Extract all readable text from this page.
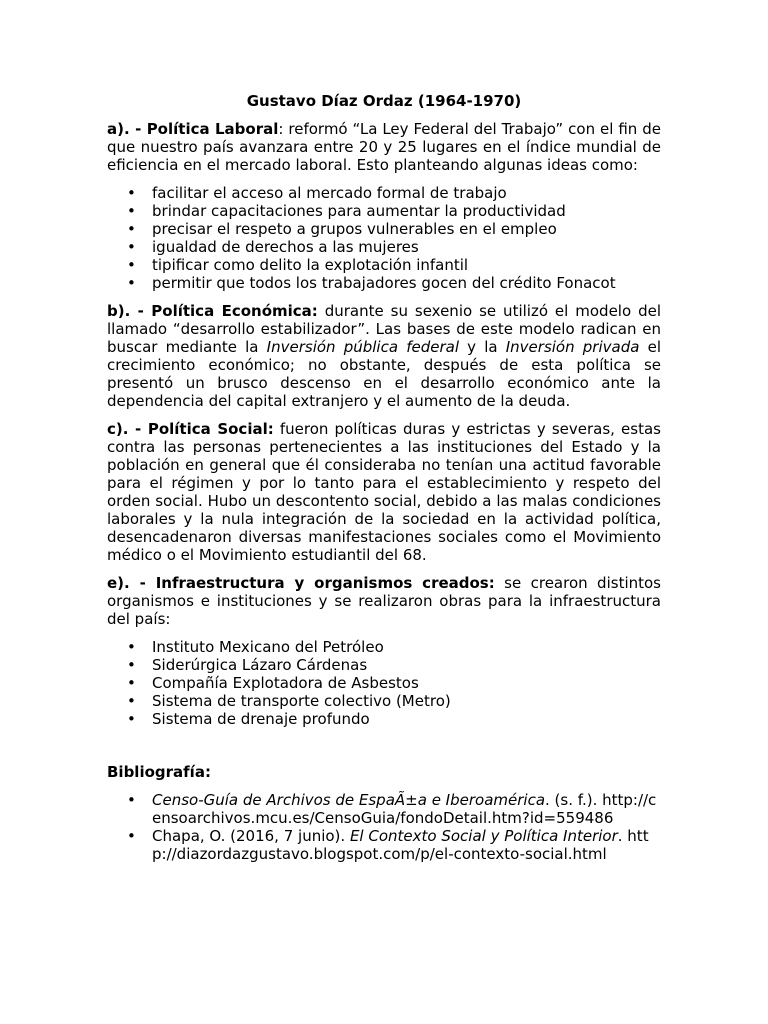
Gustavo Díaz Ordaz (1964-1970)

a). - Política Laboral: reformó “La Ley Federal del Trabajo” con el fin de que nuestro país avanzara entre 20 y 25 lugares en el índice mundial de eficiencia en el mercado laboral. Esto planteando algunas ideas como:

• facilitar el acceso al mercado formal de trabajo
• brindar capacitaciones para aumentar la productividad
• precisar el respeto a grupos vulnerables en el empleo
• igualdad de derechos a las mujeres
• tipificar como delito la explotación infantil
• permitir que todos los trabajadores gocen del crédito Fonacot

b). - Política Económica: durante su sexenio se utilizó el modelo del llamado “desarrollo estabilizador”. Las bases de este modelo radican en buscar mediante la Inversión pública federal y la Inversión privada el crecimiento económico; no obstante, después de esta política se presentó un brusco descenso en el desarrollo económico ante la dependencia del capital extranjero y el aumento de la deuda.

c). - Política Social: fueron políticas duras y estrictas y severas, estas contra las personas pertenecientes a las instituciones del Estado y la población en general que él consideraba no tenían una actitud favorable para el régimen y por lo tanto para el establecimiento y respeto del orden social. Hubo un descontento social, debido a las malas condiciones laborales y la nula integración de la sociedad en la actividad política, desencadenaron diversas manifestaciones sociales como el Movimiento médico o el Movimiento estudiantil del 68.

e). - Infraestructura y organismos creados: se crearon distintos organismos e instituciones y se realizaron obras para la infraestructura del país:

• Instituto Mexicano del Petróleo
• Siderúrgica Lázaro Cárdenas
• Compañía Explotadora de Asbestos
• Sistema de transporte colectivo (Metro)
• Sistema de drenaje profundo
Bibliografía:
• Censo-Guía de Archivos de EspaÃ±a e Iberoamérica. (s. f.). http://censoarchivos.mcu.es/CensoGuia/fondoDetail.htm?id=559486
• Chapa, O. (2016, 7 junio). El Contexto Social y Política Interior. http://diazordazgustavo.blogspot.com/p/el-contexto-social.html
